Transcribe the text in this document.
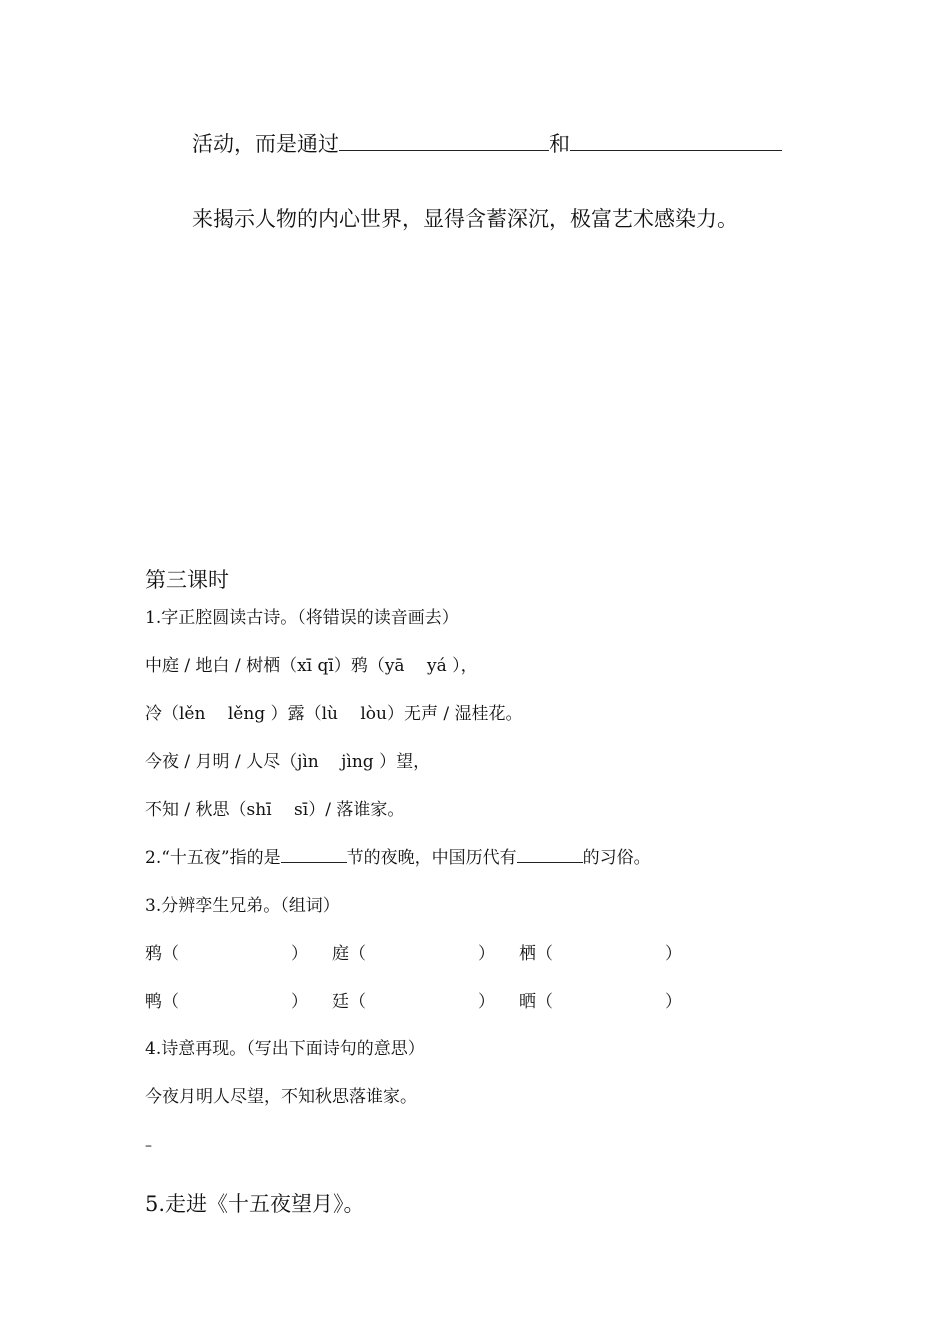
活动，而是通过	和
来揭示人物的内心世界，显得含蓄深沉，极富艺术感染力。
第三课时
1.字正腔圆读古诗。（将错误的读音画去）
中庭 / 地白 / 树栖（xī qī）鸦（yā　 yá ），
冷（lěn　 lěng ）露（lù　 lòu）无声 / 湿桂花。
今夜 / 月明 / 人尽（jìn　 jìng ）望，
不知 / 秋思（shī　 sī）/ 落谁家。
2.“十五夜”指的是	节的夜晚，中国历代有	的习俗。
3.分辨孪生兄弟。（组词）
鸦（	） 庭（	） 栖（	）
鸭（	） 廷（	） 晒（	）
4.诗意再现。（写出下面诗句的意思）
今夜月明人尽望，不知秋思落谁家。
–
5.走进《十五夜望月》。
